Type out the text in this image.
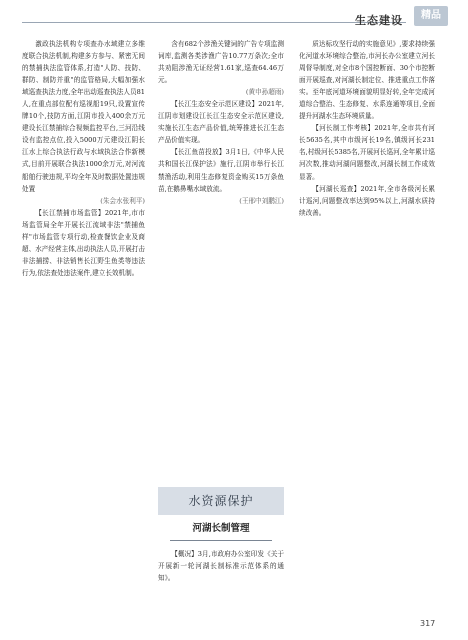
生态建设	精品

激政执法机构专项查办水域建立多维度联合执法机制,构建多方参与、紧密无间的禁捕执法监管体系,打造"人防、技防、群防、制防并重"的监管格局,大幅加强水域巡查执法力度,全年出动巡查执法人员81人,在重点部位配有巡视船19只,设置宣传牌10个,技防方面,江阴市投入400余万元建设长江禁捕综合视频监控平台,三河沿线设有监控点位,投入5000万元建设江阴长江水上综合执法行政与水域执法合作新模式,目前开展联合执法1000余万元,对河流船舶行驶违规,平均全年及时数据处置违规处置

(朱会水张利平)

【长江禁捕市场监管】2021年,市市场监管局全年开展长江流域非法"禁捕鱼样"市场监管专项行动,检查餐饮企业及商超、水产经营主体,出动执法人员,开展打击非法捕捞、非法销售长江野生鱼类等违法行为,依法查处违法案件,建立长效机制。

含有682个涉渔关键词的广告专项监测词库,监测各类涉渔广告10.77万条次;全市共劝阻涉渔无证经营1.61家,巡查64.46万元。

(黄申孙超雨)

【长江生态安全示范区建设】2021年,江阴市划建设江长江生态安全示范区建设,实施长江生态产品价值,统筹推进长江生态产品价值实现。

【长江鱼苗投放】3月1日,《中华人民共和国长江保护法》施行,江阴市举行长江禁渔活动,利用生态修复资金购买15万条鱼苗,在鹅鼻嘴水域放流。

(王邢中刘鹏江)

水资源保护
河湖长制管理

【概况】3月,市政府办公室印发《关于开展新一轮河湖长制标准示范体系的通知》。

质达标攻坚行动的实施意见》,要求持续强化河道水环境综合整治,市河长办公室建立河长周督导制度,对全市8个国控断面、30个市控断面开展巡查,对河湖长制定位、推进重点工作落实。至年底河道环境面貌明显好转,全年完成河道综合整治、生态修复、水系连通等项目,全面提升河湖水生态环境质量。

【河长制工作考核】2021年,全市共有河长5635名,其中市级河长19名,镇级河长231名,村级河长5385名,开展河长巡河,全年累计巡河次数,推动河湖问题整改,河湖长制工作成效显著。

【河湖长巡查】2021年,全市各级河长累计巡河,问题整改率达到95%以上,河湖水质持续改善。

317
